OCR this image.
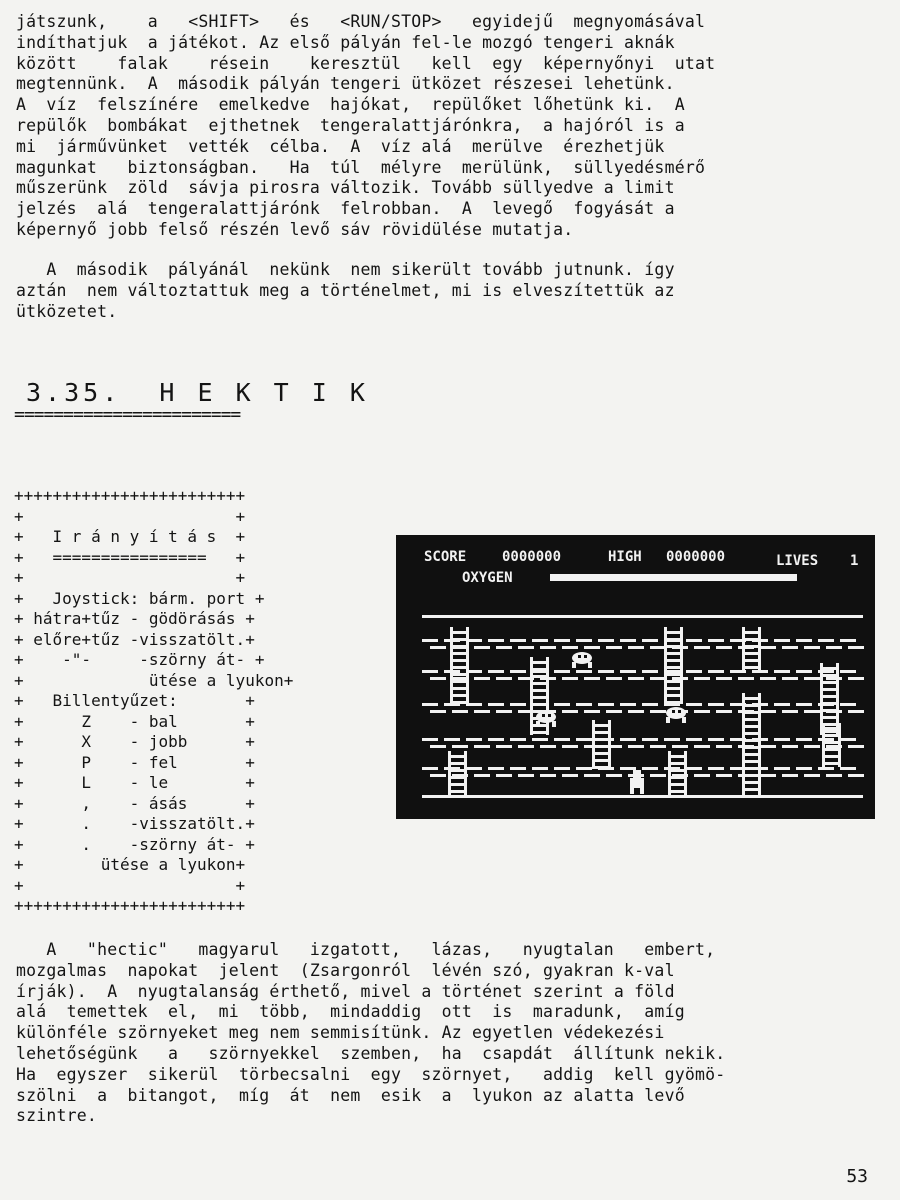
játszunk,    a   <SHIFT>   és   <RUN/STOP>   egyidejű  megnyomásával
indíthatjuk  a játékot. Az első pályán fel-le mozgó tengeri aknák
között    falak    résein    keresztül   kell  egy  képernyőnyi  utat
megtennünk.  A  második pályán tengeri ütközet részesei lehetünk.
A  víz  felszínére  emelkedve  hajókat,  repülőket lőhetünk ki.  A
repülők  bombákat  ejthetnek  tengeralattjárónkra,  a hajóról is a
mi  járművünket  vették  célba.  A  víz alá  merülve  érezhetjük
magunkat   biztonságban.   Ha  túl  mélyre  merülünk,  süllyedésmérő
műszerünk  zöld  sávja pirosra változik. Tovább süllyedve a limit
jelzés  alá  tengeralattjárónk  felrobban.  A  levegő  fogyását a
képernyő jobb felső részén levő sáv rövidülése mutatja.
A  második  pályánál  nekünk  nem sikerült tovább jutnunk. így
aztán  nem változtattuk meg a történelmet, mi is elveszítettük az
ütközetet.
3.35.  H E K T I K
=======================
++++++++++++++++++++++++
+                      +
+   I r á n y í t á s  +
+   ================   +
+                      +
+   Joystick: bárm. port +
+ hátra+tűz - gödörásás +
+ előre+tűz -visszatölt.+
+    -"-     -szörny át- +
+             ütése a lyukon+
+   Billentyűzet:       +
+      Z    - bal       +
+      X    - jobb      +
+      P    - fel       +
+      L    - le        +
+      ,    - ásás      +
+      .    -visszatölt.+
+      .    -szörny át- +
+        ütése a lyukon+
+                      +
++++++++++++++++++++++++
SCORE	0000000	HIGH 0000000	LIVES 1
OXYGEN
A   "hectic"   magyarul   izgatott,   lázas,   nyugtalan   embert,
mozgalmas  napokat  jelent  (Zsargonról  lévén szó, gyakran k-val
írják).  A  nyugtalanság érthető, mivel a történet szerint a föld
alá  temettek  el,  mi  több,  mindaddig  ott  is  maradunk,  amíg
különféle szörnyeket meg nem semmisítünk. Az egyetlen védekezési
lehetőségünk   a   szörnyekkel  szemben,  ha  csapdát  állítunk nekik.
Ha  egyszer  sikerül  törbecsalni  egy  szörnyet,   addig  kell gyömö-
szölni  a  bitangot,  míg  át  nem  esik  a  lyukon az alatta levő
szintre.
53
